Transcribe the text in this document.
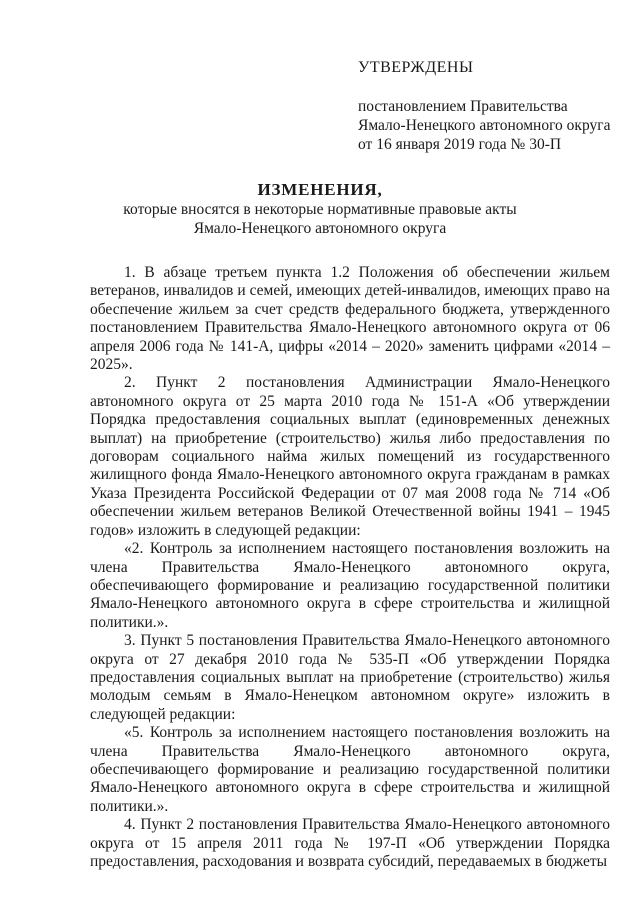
УТВЕРЖДЕНЫ
постановлением Правительства
Ямало-Ненецкого автономного округа
от 16 января 2019 года № 30-П
ИЗМЕНЕНИЯ,
которые вносятся в некоторые нормативные правовые акты
Ямало-Ненецкого автономного округа

1. В абзаце третьем пункта 1.2 Положения об обеспечении жильем ветеранов, инвалидов и семей, имеющих детей-инвалидов, имеющих право на обеспечение жильем за счет средств федерального бюджета, утвержденного постановлением Правительства Ямало-Ненецкого автономного округа от 06 апреля 2006 года № 141-А, цифры «2014 – 2020» заменить цифрами «2014 – 2025».

2. Пункт 2 постановления Администрации Ямало-Ненецкого автономного округа от 25 марта 2010 года № 151-А «Об утверждении Порядка предоставления социальных выплат (единовременных денежных выплат) на приобретение (строительство) жилья либо предоставления по договорам социального найма жилых помещений из государственного жилищного фонда Ямало-Ненецкого автономного округа гражданам в рамках Указа Президента Российской Федерации от 07 мая 2008 года № 714 «Об обеспечении жильем ветеранов Великой Отечественной войны 1941 – 1945 годов» изложить в следующей редакции:

«2. Контроль за исполнением настоящего постановления возложить на члена Правительства Ямало-Ненецкого автономного округа, обеспечивающего формирование и реализацию государственной политики Ямало-Ненецкого автономного округа в сфере строительства и жилищной политики.».

3. Пункт 5 постановления Правительства Ямало-Ненецкого автономного округа от 27 декабря 2010 года № 535-П «Об утверждении Порядка предоставления социальных выплат на приобретение (строительство) жилья молодым семьям в Ямало-Ненецком автономном округе» изложить в следующей редакции:

«5. Контроль за исполнением настоящего постановления возложить на члена Правительства Ямало-Ненецкого автономного округа, обеспечивающего формирование и реализацию государственной политики Ямало-Ненецкого автономного округа в сфере строительства и жилищной политики.».

4. Пункт 2 постановления Правительства Ямало-Ненецкого автономного округа от 15 апреля 2011 года № 197-П «Об утверждении Порядка предоставления, расходования и возврата субсидий, передаваемых в бюджеты
